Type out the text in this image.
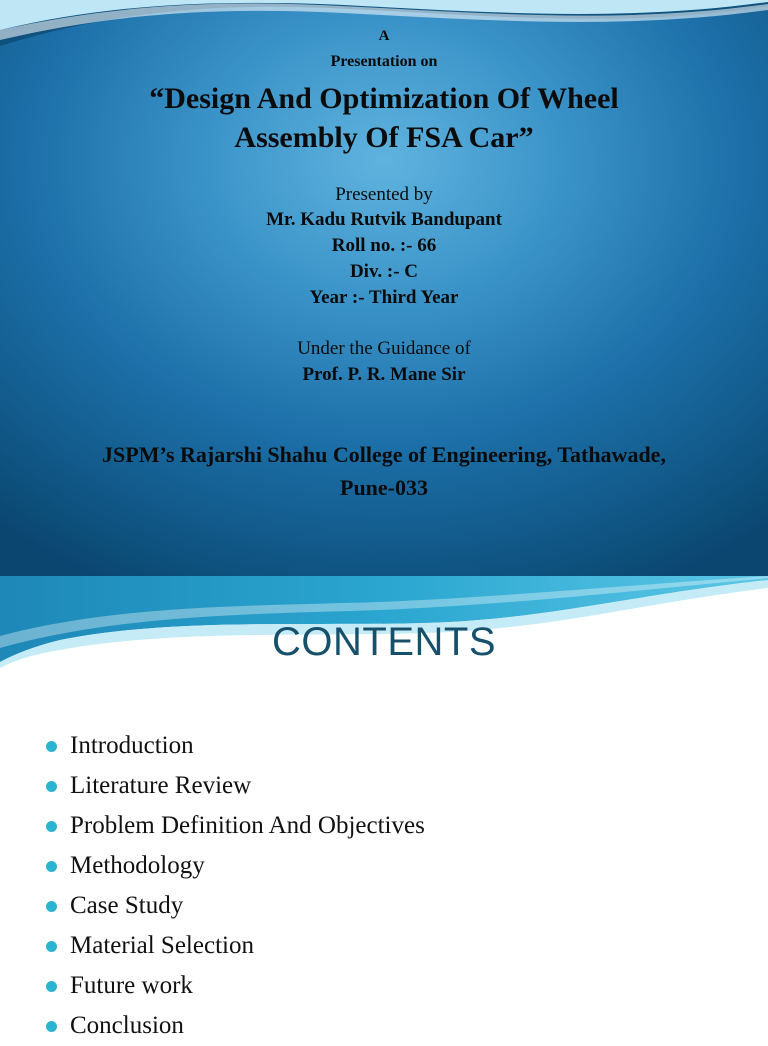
A
Presentation on
“Design And Optimization Of Wheel
Assembly Of FSA Car”
Presented by
Mr. Kadu Rutvik Bandupant
Roll no. :- 66
Div. :- C
Year :- Third Year
Under the Guidance of
Prof. P. R. Mane Sir
JSPM’s Rajarshi Shahu College of Engineering, Tathawade,
Pune-033
CONTENTS
Introduction
Literature Review
Problem Definition And Objectives
Methodology
Case Study
Material Selection
Future work
Conclusion
